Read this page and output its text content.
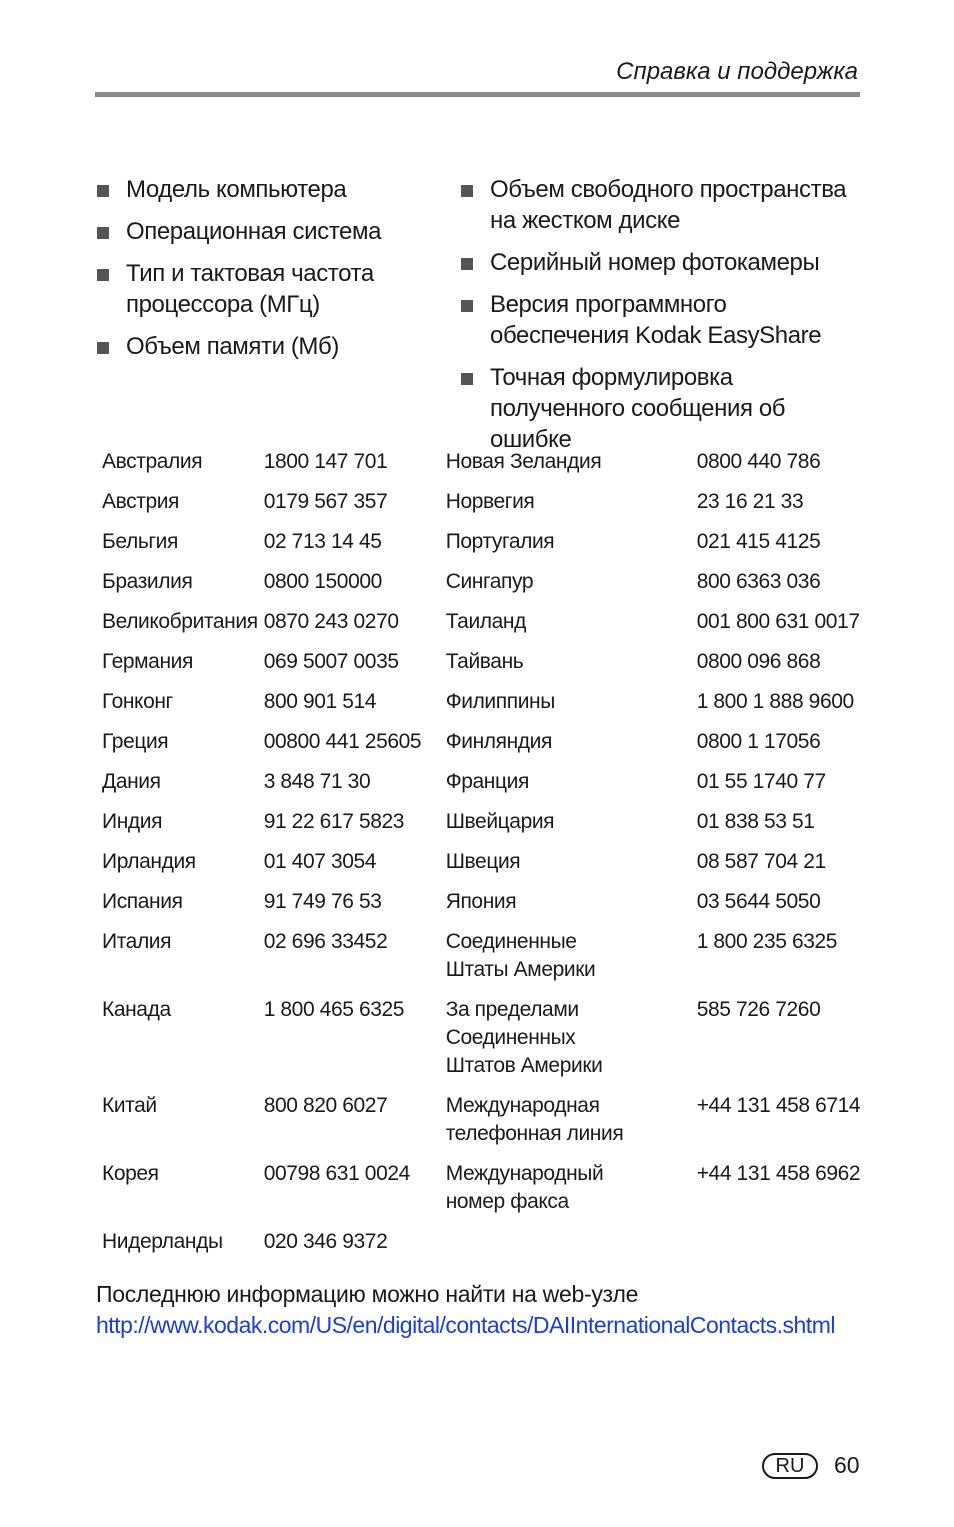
Справка и поддержка
Модель компьютера
Операционная система
Тип и тактовая частота процессора (МГц)
Объем памяти (Мб)
Объем свободного пространства на жестком диске
Серийный номер фотокамеры
Версия программного обеспечения Kodak EasyShare
Точная формулировка полученного сообщения об ошибке
Австралия	1800 147 701	Новая Зеландия	0800 440 786

Австрия	0179 567 357	Норвегия	23 16 21 33

Бельгия	02 713 14 45	Португалия	021 415 4125

Бразилия	0800 150000	Сингапур	800 6363 036

Великобритания	0870 243 0270	Таиланд	001 800 631 0017

Германия	069 5007 0035	Тайвань	0800 096 868

Гонконг	800 901 514	Филиппины	1 800 1 888 9600

Греция	00800 441 25605	Финляндия	0800 1 17056

Дания	3 848 71 30	Франция	01 55 1740 77

Индия	91 22 617 5823	Швейцария	01 838 53 51

Ирландия	01 407 3054	Швеция	08 587 704 21

Испания	91 749 76 53	Япония	03 5644 5050

Италия	02 696 33452	Соединенные
Штаты Америки	1 800 235 6325

Канада	1 800 465 6325	За пределами
Соединенных
Штатов Америки	585 726 7260

Китай	800 820 6027	Международная
телефонная линия	+44 131 458 6714

Корея	00798 631 0024	Международный
номер факса	+44 131 458 6962

Нидерланды	020 346 9372		

Последнюю информацию можно найти на web-узле
http://www.kodak.com/US/en/digital/contacts/DAIInternationalContacts.shtml
RU	60
